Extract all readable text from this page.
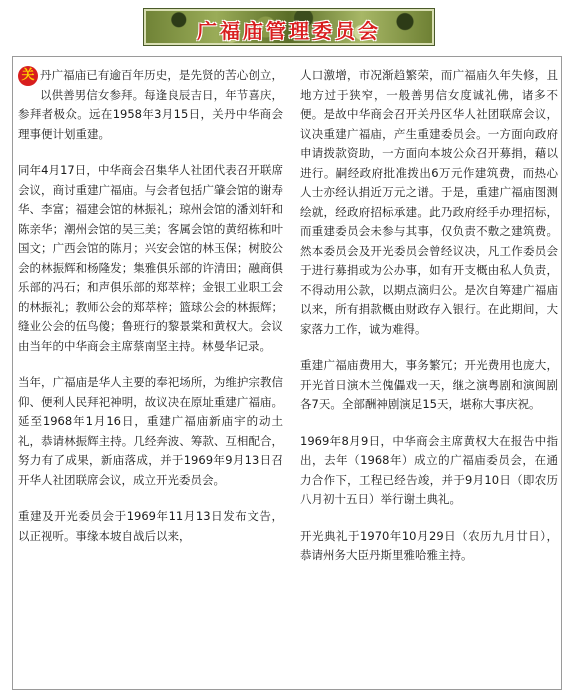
广福庙管理委员会

关 丹广福庙已有逾百年历史，是先贤的苦心创立，以供善男信女参拜。每逢良辰吉日，年节喜庆，参拜者极众。远在1958年3月15日，关丹中华商会理事便计划重建。

同年4月17日，中华商会召集华人社团代表召开联席会议，商讨重建广福庙。与会者包括广肇会馆的谢寿华、李富；福建会馆的林振礼；琼州会馆的潘刘轩和陈亲华；潮州会馆的吴三美；客属会馆的黄绍栋和叶国文；广西会馆的陈月；兴安会馆的林玉保；树胶公会的林振辉和杨隆发；集雅俱乐部的许清田；融商俱乐部的冯石；和声俱乐部的郑萃梓；金银工业职工会的林振礼；教师公会的郑萃梓；篮球公会的林振辉；缝业公会的伍鸟傻；鲁班行的黎景棠和黄权大。会议由当年的中华商会主席蔡南坚主持。林曼华记录。

当年，广福庙是华人主要的奉祀场所，为维护宗教信仰、便利人民拜祀神明，故议决在原址重建广福庙。延至1968年1月16日，重建广福庙新庙宇的动土礼，恭请林振辉主持。几经奔波、筹款、互相配合，努力有了成果，新庙落成，并于1969年9月13日召开华人社团联席会议，成立开光委员会。

重建及开光委员会于1969年11月13日发布文告，以正视听。事缘本坡自战后以来，

人口激增，市况渐趋繁荣，而广福庙久年失修，且地方过于狭窄，一般善男信女度诚礼佛，诸多不便。是故中华商会召开关丹区华人社团联席会议，议决重建广福庙，产生重建委员会。一方面向政府申请拨款资助，一方面向本坡公众召开募捐，藉以进行。嗣经政府批准拨出6万元作建筑费，而热心人士亦经认捐近万元之谱。于是，重建广福庙图测绘就，经政府招标承建。此乃政府经手办理招标，而重建委员会未参与其事，仅负责不敷之建筑费。然本委员会及开光委员会曾经议决，凡工作委员会于进行募捐或为公办事，如有开支概由私人负责，不得动用公款，以期点滴归公。是次自筹建广福庙以来，所有捐款概由财政存入银行。在此期间，大家落力工作，诚为难得。

重建广福庙费用大，事务繁冗；开光费用也庞大，开光首日演木兰傀儡戏一天，继之演粤剧和演闽剧各7天。全部酬神剧演足15天，堪称大事庆祝。

1969年8月9日，中华商会主席黄权大在报告中指出，去年（1968年）成立的广福庙委员会，在通力合作下，工程已经告竣，并于9月10日（即农历八月初十五日）举行谢土典礼。

开光典礼于1970年10月29日（农历九月廿日），恭请州务大臣丹斯里雅哈雅主持。
